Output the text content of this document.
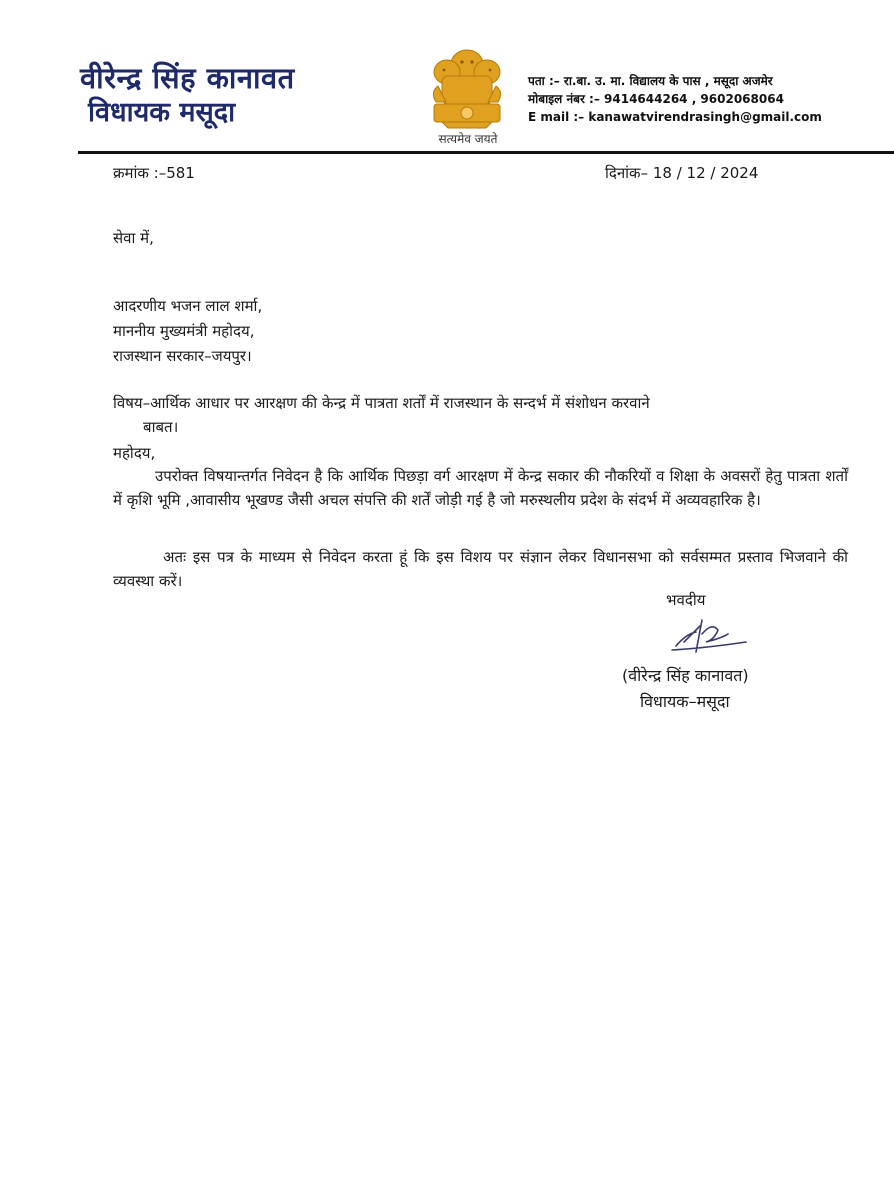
वीरेन्द्र सिंह कानावत
विधायक मसूदा
सत्यमेव जयते
पता :– रा.बा. उ. मा. विद्यालय के पास , मसूदा अजमेर
मोबाइल नंबर :– 9414644264 , 9602068064
E mail :– kanawatvirendrasingh@gmail.com
क्रमांक :–581	दिनांक– 18 / 12 / 2024
सेवा में,
आदरणीय भजन लाल शर्मा,
माननीय मुख्यमंत्री महोदय,
राजस्थान सरकार–जयपुर।
विषय–आर्थिक आधार पर आरक्षण की केन्द्र में पात्रता शर्तों में राजस्थान के सन्दर्भ में संशोधन करवाने
बाबत।
महोदय,
उपरोक्त विषयान्तर्गत निवेदन है कि आर्थिक पिछड़ा वर्ग आरक्षण में केन्द्र सकार की नौकरियों व शिक्षा के अवसरों हेतु पात्रता शर्तों में कृशि भूमि ,आवासीय भूखण्ड जैसी अचल संपत्ति की शर्तें जोड़ी गई है जो मरुस्थलीय प्रदेश के संदर्भ में अव्यवहारिक है।
अतः इस पत्र के माध्यम से निवेदन करता हूं कि इस विशय पर संज्ञान लेकर विधानसभा को सर्वसम्मत प्रस्ताव भिजवाने की व्यवस्था करें।
भवदीय
(वीरेन्द्र सिंह कानावत)
विधायक–मसूदा
